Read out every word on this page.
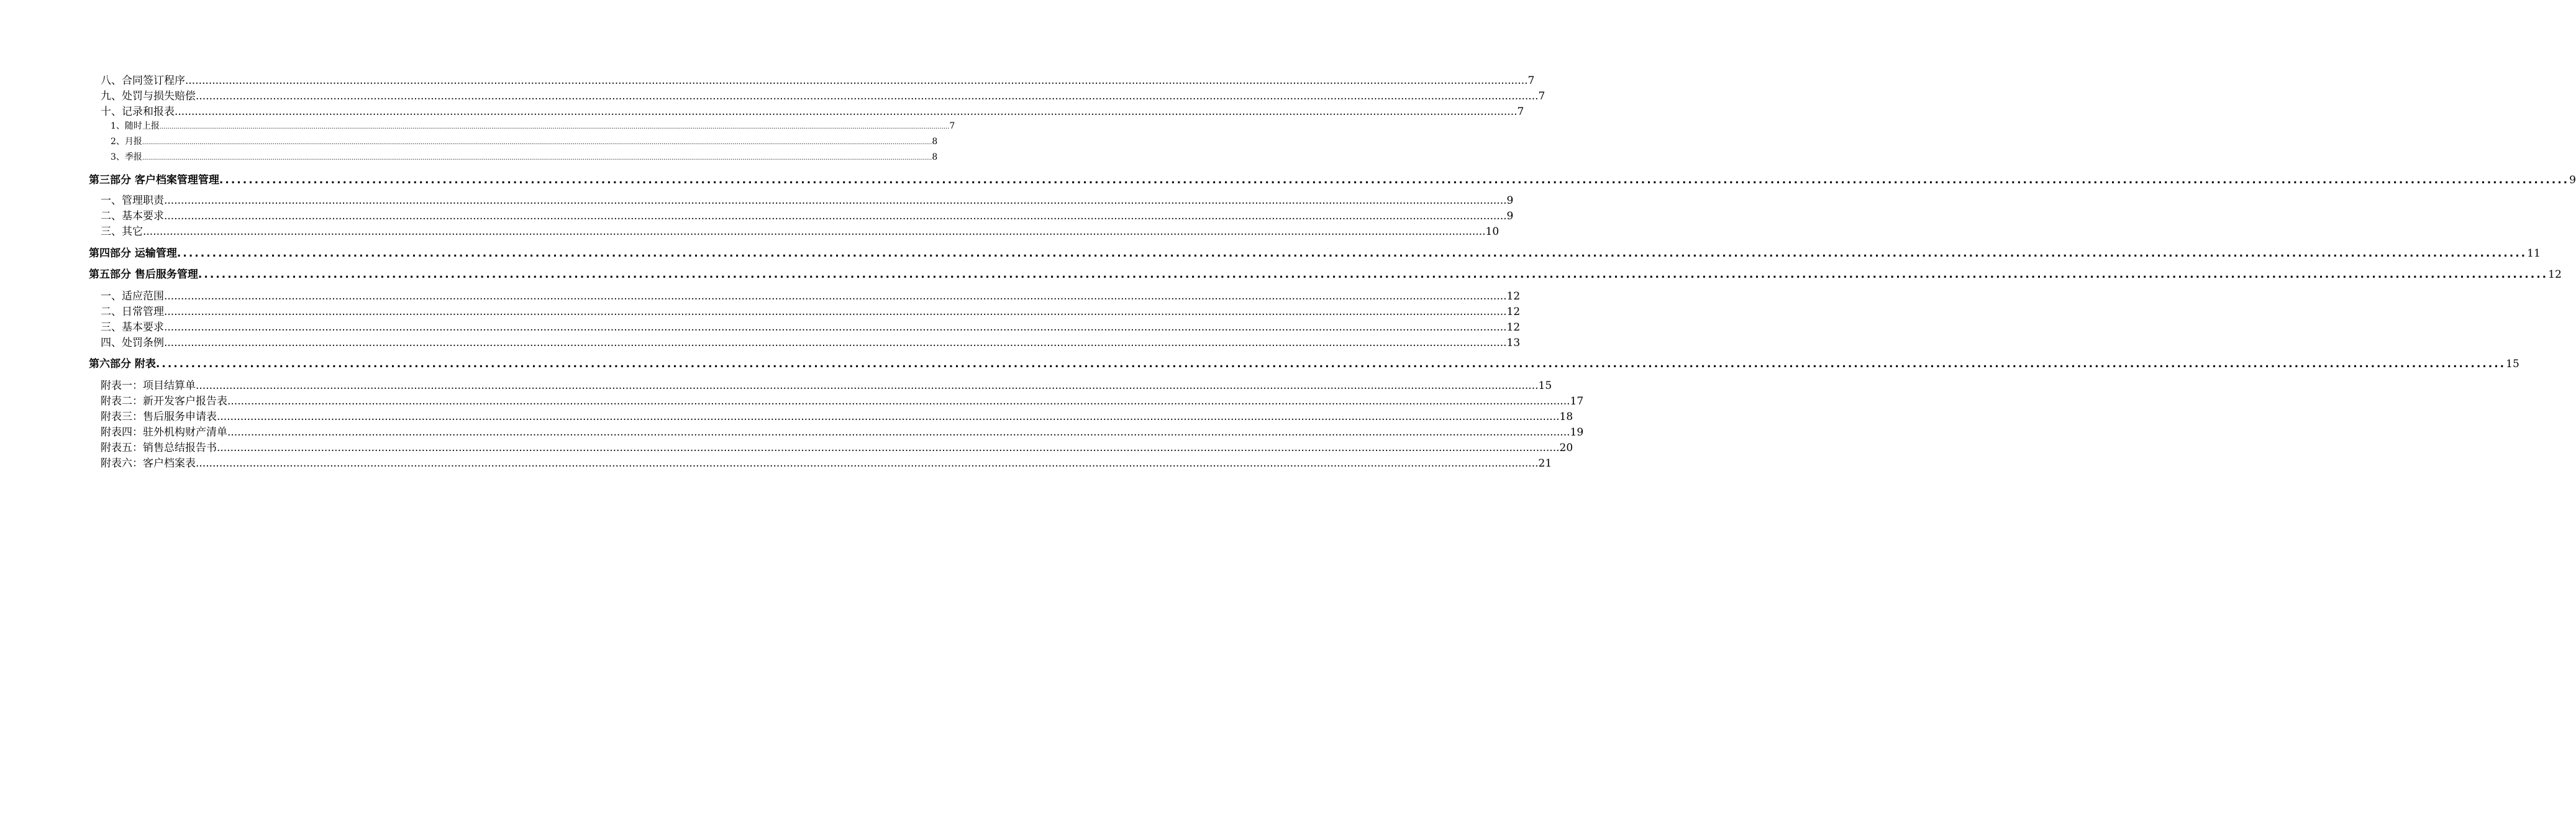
八、 合同签订程序 ................................................................................................................................................................................................................................................................................................................................................................................................................ 7
九、 处罚与损失赔偿 ................................................................................................................................................................................................................................................................................................................................................................................................................ 7
十、 记录和报表 ................................................................................................................................................................................................................................................................................................................................................................................................................ 7
1、 随时上报 ................................................................................................................................................................................................................................................................................................................................................................................................................ 7
2、 月报 ................................................................................................................................................................................................................................................................................................................................................................................................................ 8
3、 季报 ................................................................................................................................................................................................................................................................................................................................................................................................................ 8
第三部分 客户档案管理管理 ................................................................................................................................................................................................................................................................................................................................................................................................................ 9
一、 管理职责 ................................................................................................................................................................................................................................................................................................................................................................................................................ 9
二、 基本要求 ................................................................................................................................................................................................................................................................................................................................................................................................................ 9
三、 其它 ................................................................................................................................................................................................................................................................................................................................................................................................................ 10
第四部分 运输管理 ................................................................................................................................................................................................................................................................................................................................................................................................................ 11
第五部分 售后服务管理 ................................................................................................................................................................................................................................................................................................................................................................................................................ 12
一、 适应范围 ................................................................................................................................................................................................................................................................................................................................................................................................................ 12
二、 日常管理 ................................................................................................................................................................................................................................................................................................................................................................................................................ 12
三、 基本要求 ................................................................................................................................................................................................................................................................................................................................................................................................................ 12
四、 处罚条例 ................................................................................................................................................................................................................................................................................................................................................................................................................ 13
第六部分 附表 ................................................................................................................................................................................................................................................................................................................................................................................................................ 15
附表一：项目结算单 ................................................................................................................................................................................................................................................................................................................................................................................................................ 15
附表二：新开发客户报告表 ................................................................................................................................................................................................................................................................................................................................................................................................................ 17
附表三：售后服务申请表 ................................................................................................................................................................................................................................................................................................................................................................................................................ 18
附表四：驻外机构财产清单 ................................................................................................................................................................................................................................................................................................................................................................................................................ 19
附表五：销售总结报告书 ................................................................................................................................................................................................................................................................................................................................................................................................................ 20
附表六：客户档案表 ................................................................................................................................................................................................................................................................................................................................................................................................................ 21
